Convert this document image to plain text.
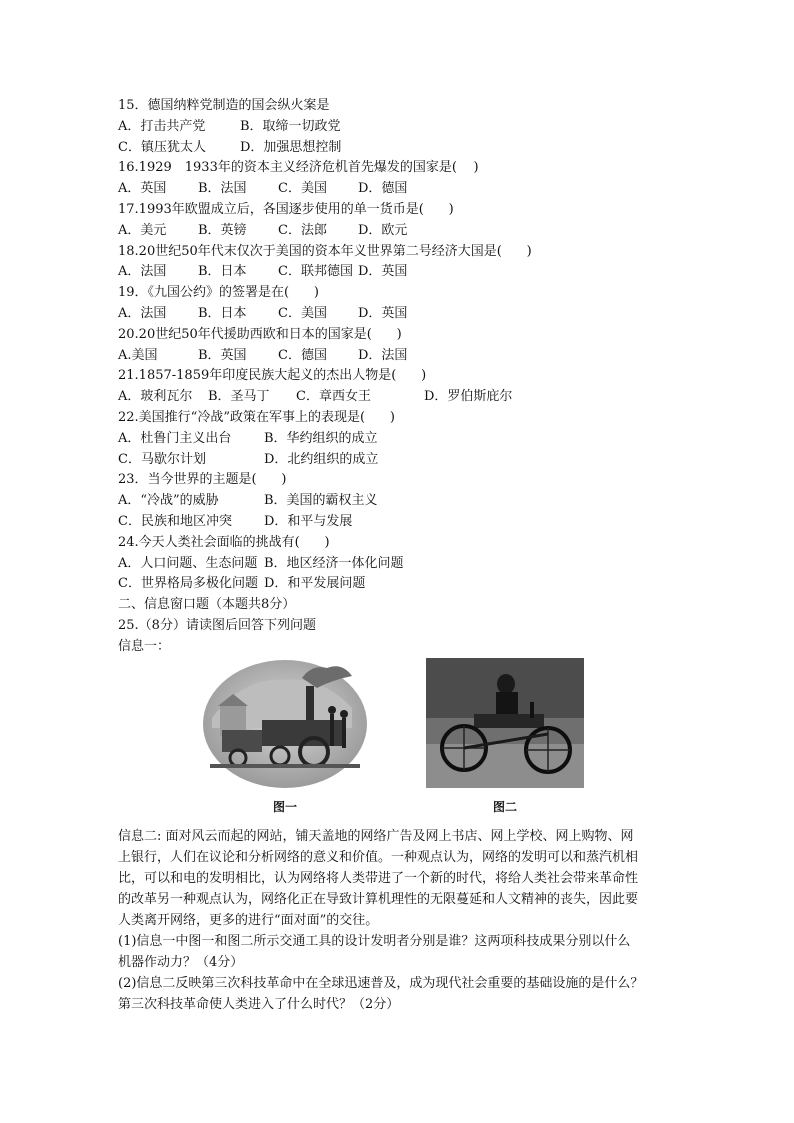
15．德国纳粹党制造的国会纵火案是
A．打击共产党	B．取缔一切政党
C．镇压犹太人	D．加强思想控制
16.1929　1933年的资本主义经济危机首先爆发的国家是(    )
A．英国 B．法国 C．美国 D．德国
17.1993年欧盟成立后，各国逐步使用的单一货币是(      )
A．美元 B．英镑 C．法郎 D．欧元
18.20世纪50年代末仅次于美国的资本年义世界第二号经济大国是(      )
A．法国 B．日本 C．联邦德国 D．英国
19．《九国公约》的签署是在(      )
A．法国 B．日本 C．美国 D．英国
20.20世纪50年代援助西欧和日本的国家是(      )
A.美国	B．英国 C．德国 D．法国
21.1857-1859年印度民族大起义的杰出人物是(      )
A．玻利瓦尔 B．圣马丁 C．章西女王	D．罗伯斯庇尔
22.美国推行“冷战”政策在军事上的表现是(      )
A．杜鲁门主义出台	B．华约组织的成立
C．马歇尔计划	D．北约组织的成立
23．当今世界的主题是(      )
A．“冷战”的威胁	B．美国的霸权主义
C．民族和地区冲突 D．和平与发展
24.今天人类社会面临的挑战有(      )
A．人口问题、生态问题 B．地区经济一体化问题
C．世界格局多极化问题 D．和平发展问题
二、信息窗口题（本题共8分）
25.（8分）请读图后回答下列问题
信息一：
图一	图二
信息二: 面对风云而起的网站，铺天盖地的网络广告及网上书店、网上学校、网上购物、网
上银行，人们在议论和分析网络的意义和价值。一种观点认为，网络的发明可以和蒸汽机相
比，可以和电的发明相比，认为网络将人类带进了一个新的时代，将给人类社会带来革命性
的改革另一种观点认为，网络化正在导致计算机理性的无限蔓延和人文精神的丧失，因此要
人类离开网络，更多的进行“面对面”的交往。
(1)信息一中图一和图二所示交通工具的设计发明者分别是谁？这两项科技成果分别以什么
机器作动力？（4分）
(2)信息二反映第三次科技革命中在全球迅速普及，成为现代社会重要的基础设施的是什么？
第三次科技革命使人类进入了什么时代？（2分）
